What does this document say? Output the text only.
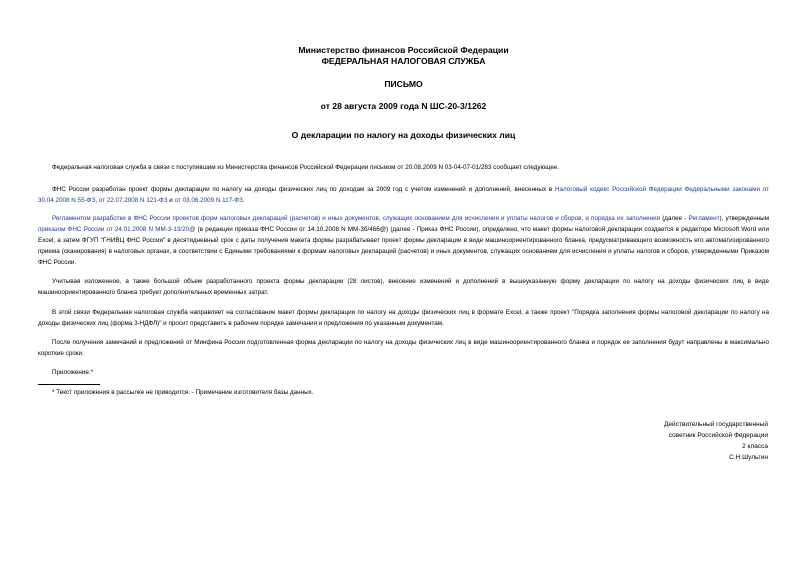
Министерство финансов Российской Федерации
ФЕДЕРАЛЬНАЯ НАЛОГОВАЯ СЛУЖБА
ПИСЬМО
от 28 августа 2009 года N ШС-20-3/1262
О декларации по налогу на доходы физических лиц
Федеральная налоговая служба в связи с поступившим из Министерства финансов Российской Федерации письмом от 20.08.2009 N 03-04-07-01/283 сообщает следующее.
ФНС России разработан проект формы декларации по налогу на доходы физических лиц по доходам за 2009 год с учетом изменений и дополнений, внесенных в Налоговый кодекс Российской Федерации Федеральными законами от 30.04.2008 N 55-ФЗ, от 22.07.2008 N 121-ФЗ и от 03.06.2009 N 117-ФЗ.
Регламентом разработки в ФНС России проектов форм налоговых деклараций (расчетов) и иных документов, служащих основанием для исчисления и уплаты налогов и сборов, и порядка их заполнения (далее - Регламент), утвержденным приказом ФНС России от 24.01.2008 N ММ-3-13/20@ (в редакции приказа ФНС России от 14.10.2008 N ММ-3б/466@) (далее - Приказ ФНС России), определено, что макет формы налоговой декларации создается в редакторе Microsoft Word или Excel, а затем ФГУП "ГНИВЦ ФНС России" в десятидневный срок с даты получения макета формы разрабатывает проект формы декларации в виде машиноориентированного бланка, предусматривающего возможность его автоматизированного приема (сканирования) в налоговых органах, в соответствии с Едиными требованиями к формам налоговых деклараций (расчетов) и иных документов, служащих основанием для исчисления и уплаты налогов и сборов, утвержденными Приказом ФНС России.
Учитывая изложенное, а также большой объем разработанного проекта формы декларации (28 листов), внесение изменений и дополнений в вышеуказанную форму декларации по налогу на доходы физических лиц в виде машиноориентированного бланка требует дополнительных временных затрат.
В этой связи Федеральная налоговая служба направляет на согласование макет формы декларации по налогу на доходы физических лиц в формате Excel, а также проект "Порядка заполнения формы налоговой декларации по налогу на доходы физических лиц (форма 3-НДФЛ)" и просит представить в рабочем порядке замечания и предложения по указанным документам.
После получения замечаний и предложений от Минфина России подготовленная форма декларации по налогу на доходы физических лиц в виде машиноориентированного бланка и порядок ее заполнения будут направлены в максимально короткие сроки.
Приложение.*
* Текст приложения в рассылке не приводится. - Примечание изготовителя базы данных.
Действительный государственный
советник Российской Федерации
2 класса
С.Н.Шульгин
